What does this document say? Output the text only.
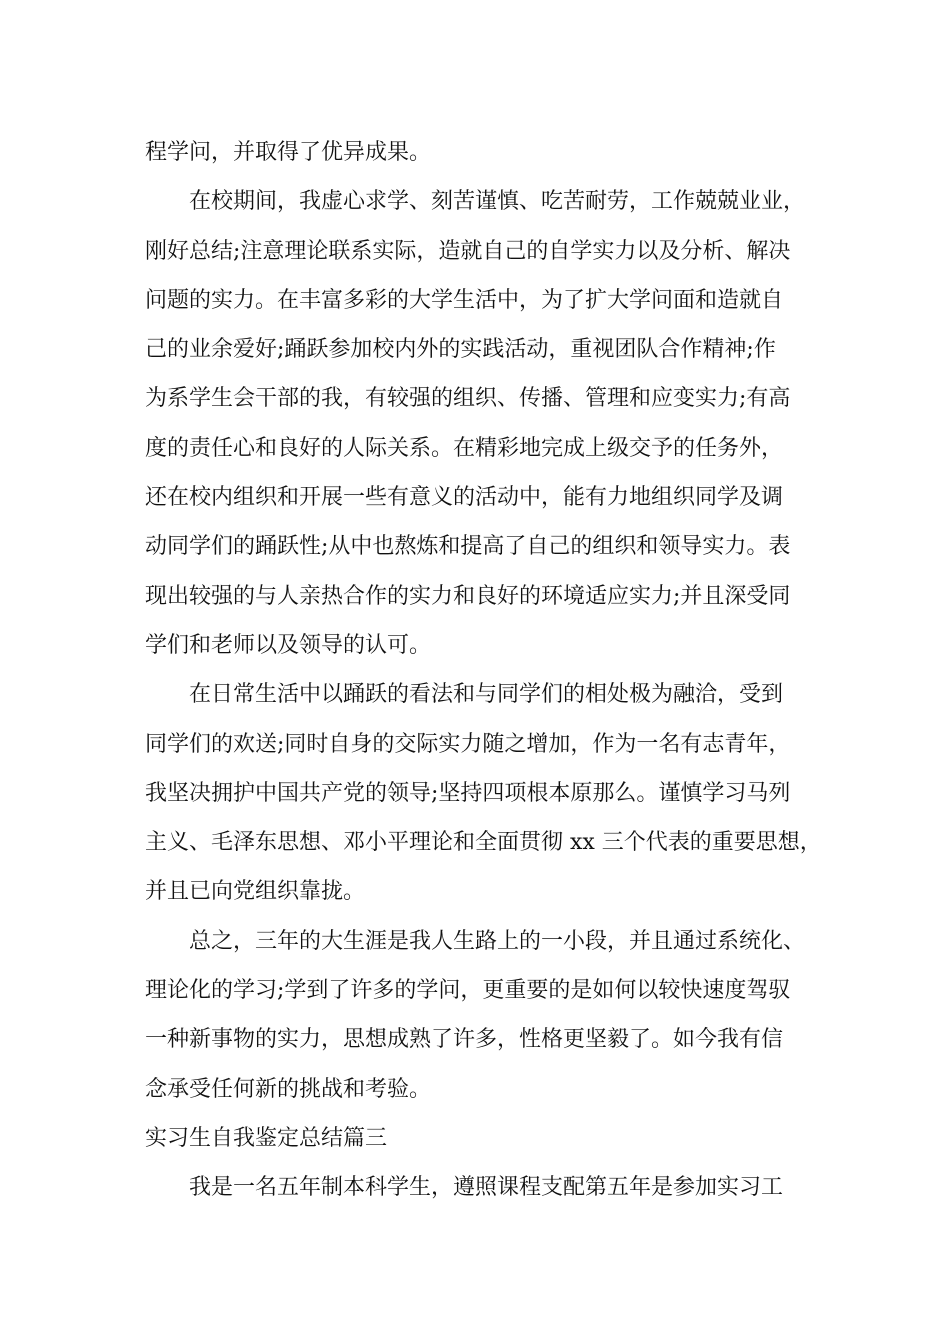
程学问，并取得了优异成果。
在校期间，我虚心求学、刻苦谨慎、吃苦耐劳，工作兢兢业业，
刚好总结;注意理论联系实际，造就自己的自学实力以及分析、解决
问题的实力。在丰富多彩的大学生活中，为了扩大学问面和造就自
己的业余爱好;踊跃参加校内外的实践活动，重视团队合作精神;作
为系学生会干部的我，有较强的组织、传播、管理和应变实力;有高
度的责任心和良好的人际关系。在精彩地完成上级交予的任务外，
还在校内组织和开展一些有意义的活动中，能有力地组织同学及调
动同学们的踊跃性;从中也熬炼和提高了自己的组织和领导实力。表
现出较强的与人亲热合作的实力和良好的环境适应实力;并且深受同
学们和老师以及领导的认可。
在日常生活中以踊跃的看法和与同学们的相处极为融洽，受到
同学们的欢送;同时自身的交际实力随之增加，作为一名有志青年，
我坚决拥护中国共产党的领导;坚持四项根本原那么。谨慎学习马列
主义、毛泽东思想、邓小平理论和全面贯彻 xx 三个代表的重要思想，
并且已向党组织靠拢。
总之，三年的大生涯是我人生路上的一小段，并且通过系统化、
理论化的学习;学到了许多的学问，更重要的是如何以较快速度驾驭
一种新事物的实力，思想成熟了许多，性格更坚毅了。如今我有信
念承受任何新的挑战和考验。
实习生自我鉴定总结篇三
我是一名五年制本科学生，遵照课程支配第五年是参加实习工
